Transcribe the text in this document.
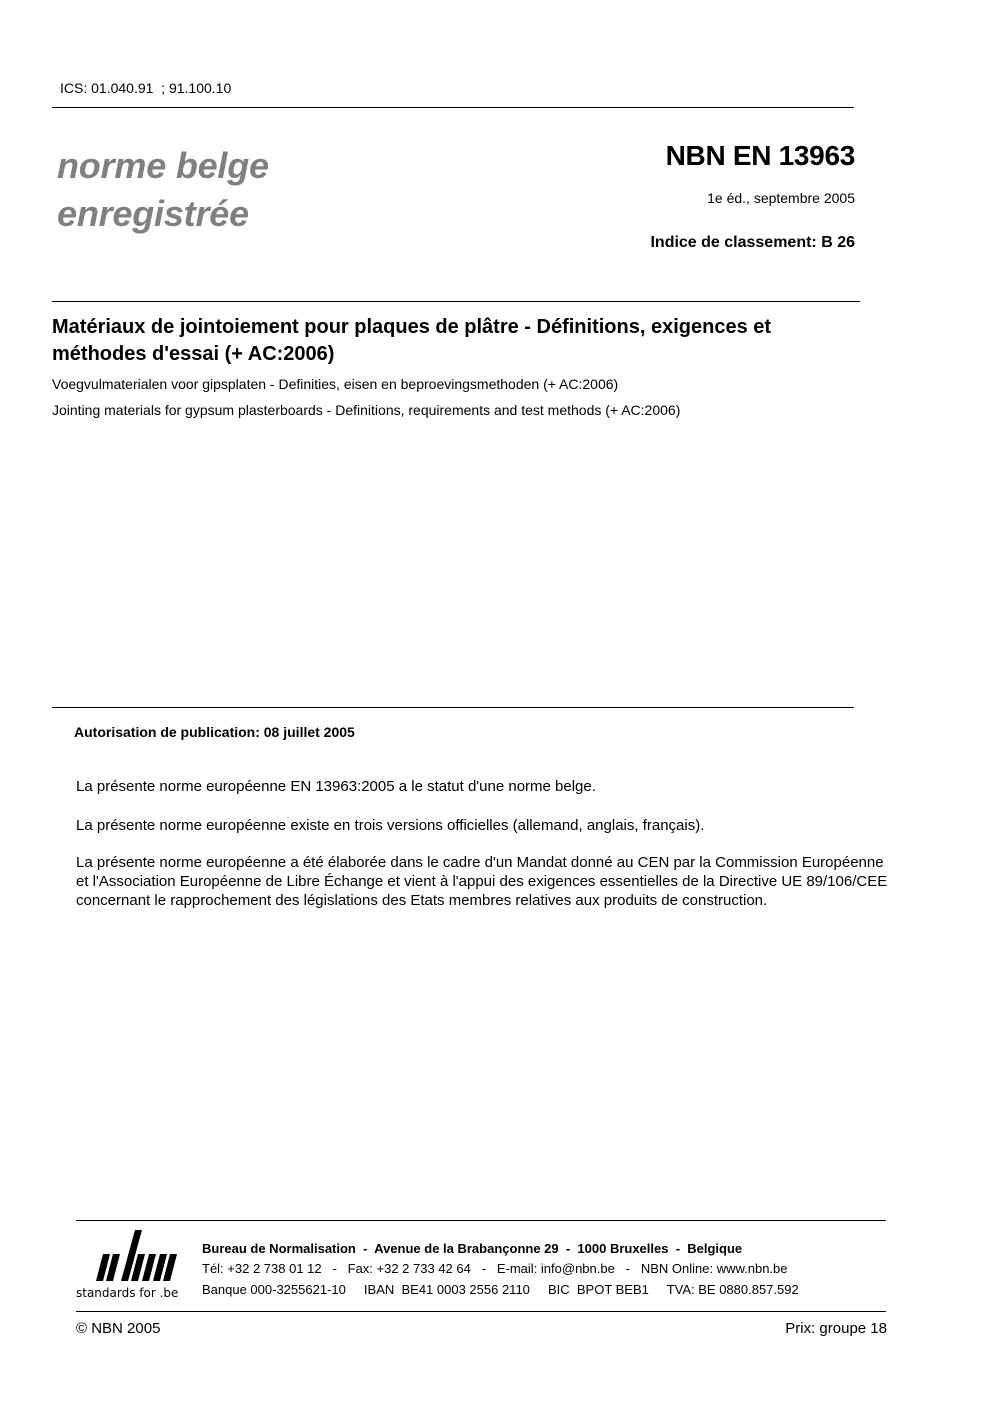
ICS: 01.040.91  ; 91.100.10
norme belge
enregistrée
NBN EN 13963
1e éd., septembre 2005
Indice de classement: B 26
Matériaux de jointoiement pour plaques de plâtre - Définitions, exigences et méthodes d'essai (+ AC:2006)
Voegvulmaterialen voor gipsplaten - Definities, eisen en beproevingsmethoden (+ AC:2006)
Jointing materials for gypsum plasterboards - Definitions, requirements and test methods (+ AC:2006)
Autorisation de publication: 08 juillet 2005
La présente norme européenne EN 13963:2005 a le statut d'une norme belge.
La présente norme européenne existe en trois versions officielles (allemand, anglais, français).
La présente norme européenne a été élaborée dans le cadre d'un Mandat donné au CEN par la Commission Européenne et l'Association Européenne de Libre Échange et vient à l'appui des exigences essentielles de la Directive UE 89/106/CEE concernant le rapprochement des législations des Etats membres relatives aux produits de construction.
standards for .be
Bureau de Normalisation  -  Avenue de la Brabançonne 29  -  1000 Bruxelles  -  Belgique
Tél: +32 2 738 01 12   -   Fax: +32 2 733 42 64   -   E-mail: info@nbn.be   -   NBN Online: www.nbn.be
Banque 000-3255621-10     IBAN  BE41 0003 2556 2110     BIC  BPOT BEB1     TVA: BE 0880.857.592
© NBN 2005	Prix: groupe 18
